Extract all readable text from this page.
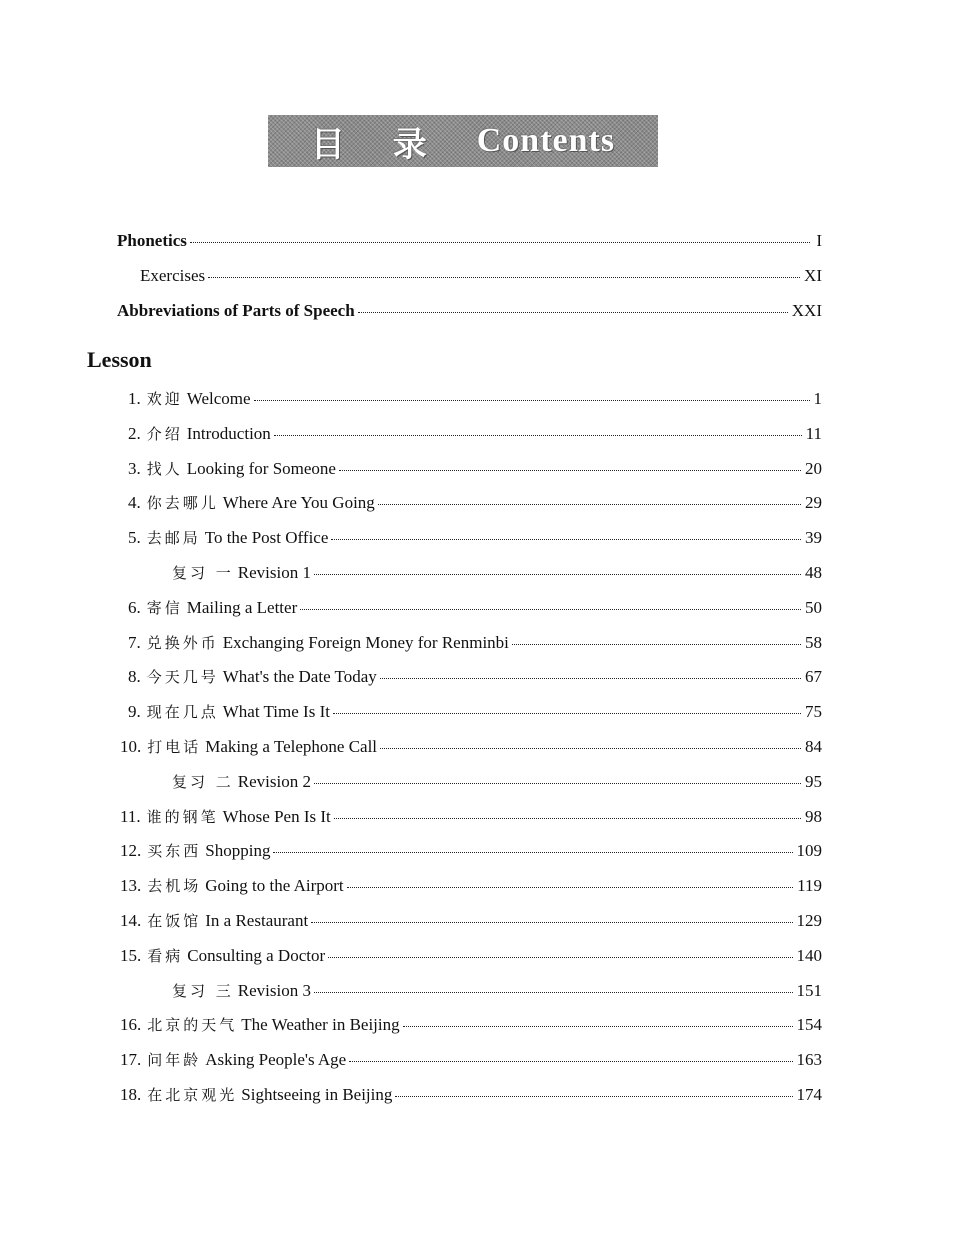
目 录 Contents
Phonetics	I
Exercises	XI
Abbreviations of Parts of Speech	XXI
Lesson
1. 欢迎 Welcome	1
2. 介绍 Introduction	11
3. 找人 Looking for Someone	20
4. 你去哪儿 Where Are You Going	29
5. 去邮局 To the Post Office	39
复习 一 Revision 1	48
6. 寄信 Mailing a Letter	50
7. 兑换外币 Exchanging Foreign Money for Renminbi	58
8. 今天几号 What's the Date Today	67
9. 现在几点 What Time Is It	75
10. 打电话 Making a Telephone Call	84
复习 二 Revision 2	95
11. 谁的钢笔 Whose Pen Is It	98
12. 买东西 Shopping	109
13. 去机场 Going to the Airport	119
14. 在饭馆 In a Restaurant	129
15. 看病 Consulting a Doctor	140
复习 三 Revision 3	151
16. 北京的天气 The Weather in Beijing	154
17. 问年龄 Asking People's Age	163
18. 在北京观光 Sightseeing in Beijing	174
